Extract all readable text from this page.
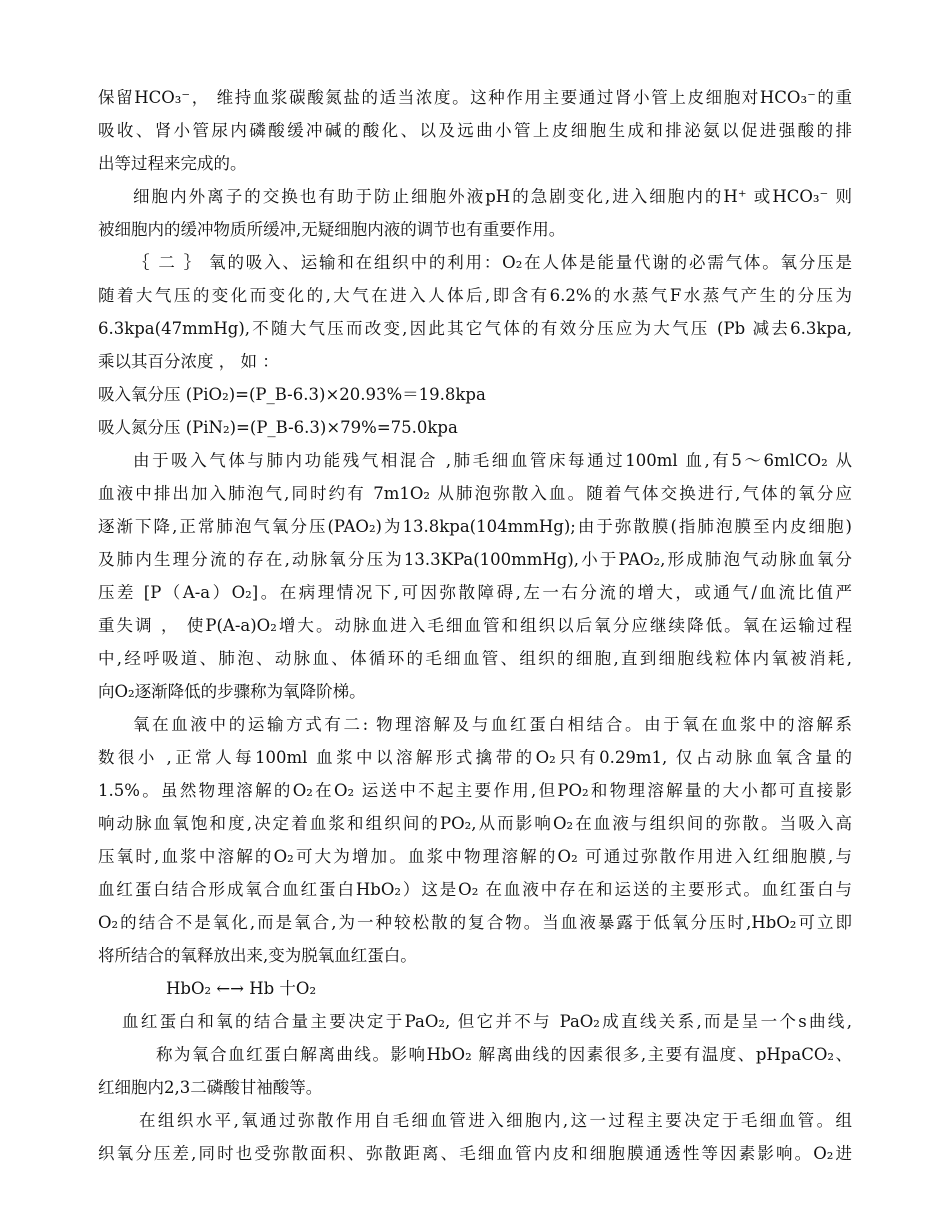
保留HCO₃⁻， 维持血浆碳酸氮盐的适当浓度。这种作用主要通过肾小管上皮细胞对HCO₃⁻的重
吸收、肾小管尿内磷酸缓冲碱的酸化、以及远曲小管上皮细胞生成和排泌氨以促进强酸的排
出等过程来完成的。
细胞内外离子的交换也有助于防止细胞外液pH的急剧变化,进入细胞内的H⁺ 或HCO₃⁻ 则
被细胞内的缓冲物质所缓冲,无疑细胞内液的调节也有重要作用。
｛ 二 ｝ 氧的吸入、运输和在组织中的利用：O₂在人体是能量代谢的必需气体。氧分压是
随着大气压的变化而变化的,大气在进入人体后,即含有6.2%的水蒸气F水蒸气产生的分压为
6.3kpa(47mmHg),不随大气压而改变,因此其它气体的有效分压应为大气压 (Pb 减去6.3kpa,
乘以其百分浓度 ， 如 ：
吸入氧分压 (PiO₂)=(P_B-6.3)×20.93%＝19.8kpa
吸人氮分压 (PiN₂)=(P_B-6.3)×79%=75.0kpa
由于吸入气体与肺内功能残气相混合 ,肺毛细血管床每通过100ml 血,有5～6mlCO₂ 从
血液中排出加入肺泡气,同时约有 7m1O₂ 从肺泡弥散入血。随着气体交换进行,气体的氧分应
逐渐下降,正常肺泡气氧分压(PAO₂)为13.8kpa(104mmHg);由于弥散膜(指肺泡膜至内皮细胞)
及肺内生理分流的存在,动脉氧分压为13.3KPa(100mmHg),小于PAO₂,形成肺泡气动脉血氧分
压差 [P（A-a）O₂]。在病理情况下,可因弥散障碍,左一右分流的增大，或通气/血流比值严
重失调 ， 使P(A-a)O₂增大。动脉血进入毛细血管和组织以后氧分应继续降低。氧在运输过程
中,经呼吸道、肺泡、动脉血、体循环的毛细血管、组织的细胞,直到细胞线粒体内氧被消耗,
向O₂逐渐降低的步骤称为氧降阶梯。
氧在血液中的运输方式有二: 物理溶解及与血红蛋白相结合。由于氧在血浆中的溶解系
数很小 ,正常人每100ml 血浆中以溶解形式擒带的O₂只有0.29m1, 仅占动脉血氧含量的
1.5%。虽然物理溶解的O₂在O₂ 运送中不起主要作用,但PO₂和物理溶解量的大小都可直接影
响动脉血氧饱和度,决定着血浆和组织间的PO₂,从而影响O₂在血液与组织间的弥散。当吸入高
压氧时,血浆中溶解的O₂可大为增加。血浆中物理溶解的O₂ 可通过弥散作用进入红细胞膜,与
血红蛋白结合形成氧合血红蛋白HbO₂）这是O₂ 在血液中存在和运送的主要形式。血红蛋白与
O₂的结合不是氧化,而是氧合,为一种较松散的复合物。当血液暴露于低氧分压时,HbO₂可立即
将所结合的氧释放出来,变为脱氧血红蛋白。
HbO₂ ←→ Hb 十O₂
血红蛋白和氧的结合量主要决定于PaO₂, 但它并不与 PaO₂成直线关系,而是呈一个s曲线,
称为氧合血红蛋白解离曲线。影响HbO₂ 解离曲线的因素很多,主要有温度、pHpaCO₂、
红细胞内2,3二磷酸甘袖酸等。
在组织水平,氧通过弥散作用自毛细血管进入细胞内,这一过程主要决定于毛细血管。组
织氧分压差,同时也受弥散面积、弥散距离、毛细血管内皮和细胞膜通透性等因素影响。O₂进
